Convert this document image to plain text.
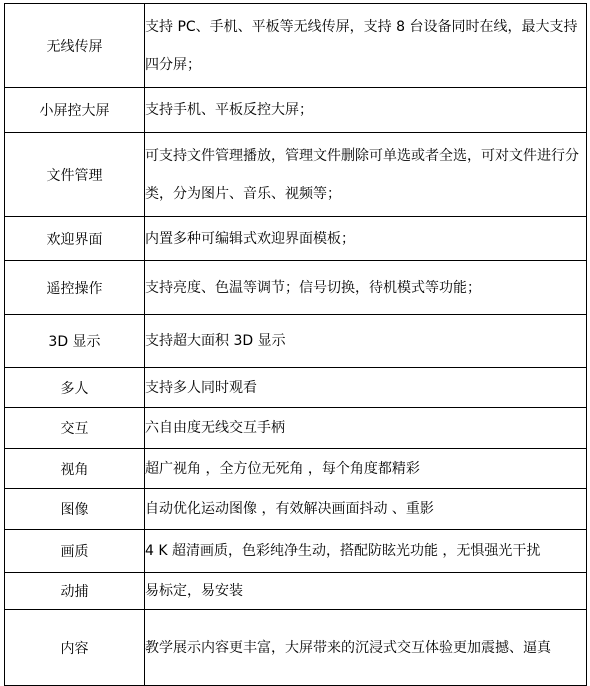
无线传屏	支持 PC、手机、平板等无线传屏，支持 8 台设备同时在线，最大支持四分屏；
小屏控大屏	支持手机、平板反控大屏；
文件管理	可支持文件管理播放，管理文件删除可单选或者全选，可对文件进行分类，分为图片、音乐、视频等；
欢迎界面	内置多种可编辑式欢迎界面模板；
遥控操作	支持亮度、色温等调节；信号切换，待机模式等功能；
3D 显示	支持超大面积 3D 显示
多人	支持多人同时观看
交互	六自由度无线交互手柄
视角	超广视角 ，全方位无死角 ，每个角度都精彩
图像	自动优化运动图像 ，有效解决画面抖动 、重影
画质	4 K 超清画质，色彩纯净生动，搭配防眩光功能 ，无惧强光干扰
动捕	易标定，易安装
内容	教学展示内容更丰富，大屏带来的沉浸式交互体验更加震撼、逼真
